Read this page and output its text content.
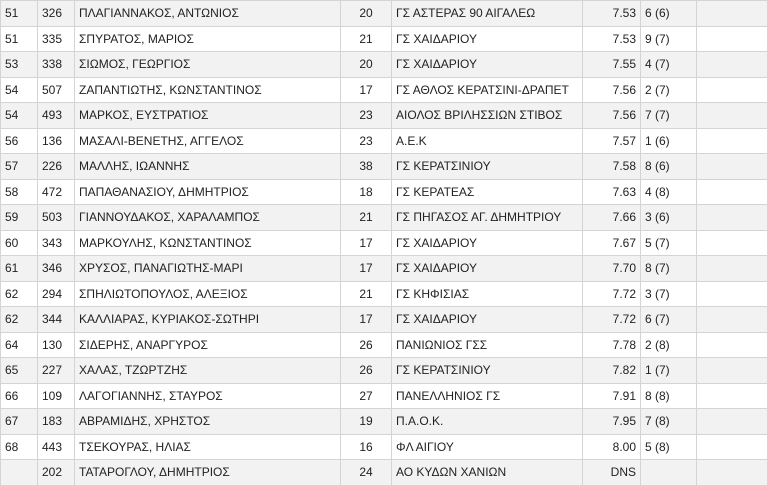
51	326	ΠΛΑΓΙΑΝΝΑΚΟΣ, ΑΝΤΩΝΙΟΣ	20	ΓΣ ΑΣΤΕΡΑΣ 90 ΑΙΓΑΛΕΩ	7.53	6 (6)	
51	335	ΣΠΥΡΑΤΟΣ, ΜΑΡΙΟΣ	21	ΓΣ ΧΑΙΔΑΡΙΟΥ	7.53	9 (7)	
53	338	ΣΙΩΜΟΣ, ΓΕΩΡΓΙΟΣ	20	ΓΣ ΧΑΙΔΑΡΙΟΥ	7.55	4 (7)	
54	507	ΖΑΠΑΝΤΙΩΤΗΣ, ΚΩΝΣΤΑΝΤΙΝΟΣ	17	ΓΣ ΑΘΛΟΣ ΚΕΡΑΤΣΙΝΙ-ΔΡΑΠΕΤ	7.56	2 (7)	
54	493	ΜΑΡΚΟΣ, ΕΥΣΤΡΑΤΙΟΣ	23	ΑΙΟΛΟΣ ΒΡΙΛΗΣΣΙΩΝ ΣΤΙΒΟΣ	7.56	7 (7)	
56	136	ΜΑΣΑΛΙ-ΒΕΝΕΤΗΣ, ΑΓΓΕΛΟΣ	23	Α.Ε.Κ	7.57	1 (6)	
57	226	ΜΑΛΛΗΣ, ΙΩΑΝΝΗΣ	38	ΓΣ ΚΕΡΑΤΣΙΝΙΟΥ	7.58	8 (6)	
58	472	ΠΑΠΑΘΑΝΑΣΙΟΥ, ΔΗΜΗΤΡΙΟΣ	18	ΓΣ ΚΕΡΑΤΕΑΣ	7.63	4 (8)	
59	503	ΓΙΑΝΝΟΥΔΑΚΟΣ, ΧΑΡΑΛΑΜΠΟΣ	21	ΓΣ ΠΗΓΑΣΟΣ ΑΓ. ΔΗΜΗΤΡΙΟΥ	7.66	3 (6)	
60	343	ΜΑΡΚΟΥΛΗΣ, ΚΩΝΣΤΑΝΤΙΝΟΣ	17	ΓΣ ΧΑΙΔΑΡΙΟΥ	7.67	5 (7)	
61	346	ΧΡΥΣΟΣ, ΠΑΝΑΓΙΩΤΗΣ-ΜΑΡΙ	17	ΓΣ ΧΑΙΔΑΡΙΟΥ	7.70	8 (7)	
62	294	ΣΠΗΛΙΩΤΟΠΟΥΛΟΣ, ΑΛΕΞΙΟΣ	21	ΓΣ ΚΗΦΙΣΙΑΣ	7.72	3 (7)	
62	344	ΚΑΛΛΙΑΡΑΣ, ΚΥΡΙΑΚΟΣ-ΣΩΤΗΡΙ	17	ΓΣ ΧΑΙΔΑΡΙΟΥ	7.72	6 (7)	
64	130	ΣΙΔΕΡΗΣ, ΑΝΑΡΓΥΡΟΣ	26	ΠΑΝΙΩΝΙΟΣ ΓΣΣ	7.78	2 (8)	
65	227	ΧΑΛΑΣ, ΤΖΩΡΤΖΗΣ	26	ΓΣ ΚΕΡΑΤΣΙΝΙΟΥ	7.82	1 (7)	
66	109	ΛΑΓΟΓΙΑΝΝΗΣ, ΣΤΑΥΡΟΣ	27	ΠΑΝΕΛΛΗΝΙΟΣ ΓΣ	7.91	8 (8)	
67	183	ΑΒΡΑΜΙΔΗΣ, ΧΡΗΣΤΟΣ	19	Π.Α.Ο.Κ.	7.95	7 (8)	
68	443	ΤΣΕΚΟΥΡΑΣ, ΗΛΙΑΣ	16	ΦΛ ΑΙΓΙΟΥ	8.00	5 (8)	
	202	ΤΑΤΑΡΟΓΛΟΥ, ΔΗΜΗΤΡΙΟΣ	24	ΑΟ ΚΥΔΩΝ ΧΑΝΙΩΝ	DNS		
